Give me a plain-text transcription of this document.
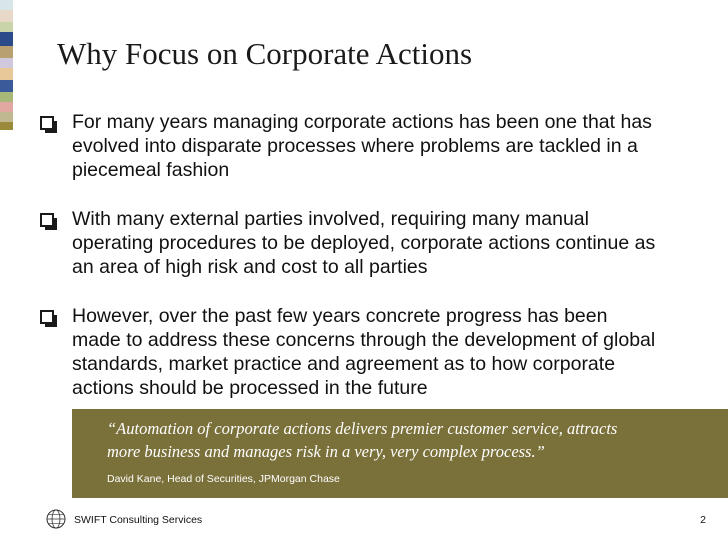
Why Focus on Corporate Actions
For many years managing corporate actions has been one that has
evolved into disparate processes where problems are tackled in a
piecemeal fashion
With many external parties involved, requiring many manual
operating procedures to be deployed, corporate actions continue as
an area of high risk and cost to all parties
However, over the past few years concrete progress has been
made to address these concerns through the development of global
standards, market practice and agreement as to how corporate
actions should be processed in the future
“Automation of corporate actions delivers premier customer service, attracts
more business and manages risk in a very, very complex process.”
David Kane, Head of Securities, JPMorgan Chase
SWIFT Consulting Services	2
